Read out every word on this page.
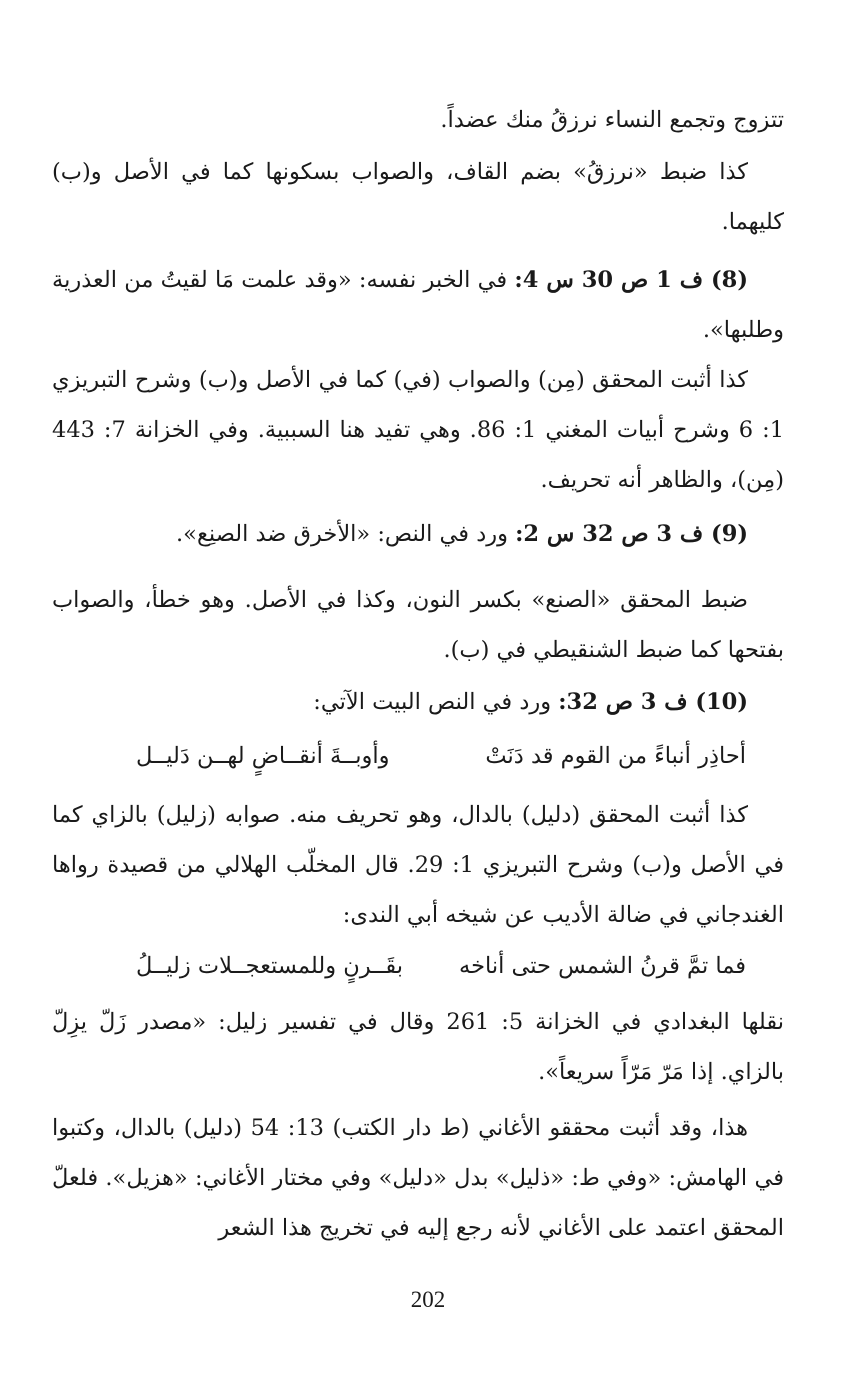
تتزوج وتجمع النساء نرزقُ منك عضداً.

كذا ضبط «نرزقُ» بضم القاف، والصواب بسكونها كما في الأصل و(ب) كليهما.

(8) ف 1 ص 30 س 4: في الخبر نفسه: «وقد علمت مَا لقيتُ من العذرية وطلبها».

كذا أثبت المحقق (مِن) والصواب (في) كما في الأصل و(ب) وشرح التبريزي 1: 6 وشرح أبيات المغني 1: 86. وهي تفيد هنا السببية. وفي الخزانة 7: 443 (مِن)، والظاهر أنه تحريف.

(9) ف 3 ص 32 س 2: ورد في النص: «الأخرق ضد الصنِع».

ضبط المحقق «الصنع» بكسر النون، وكذا في الأصل. وهو خطأ، والصواب بفتحها كما ضبط الشنقيطي في (ب).

(10) ف 3 ص 32: ورد في النص البيت الآتي:

أحاذِر أنباءً من القوم قد دَنَتْ
وأوبــةَ أنقــاضٍ لهــن دَليــل

كذا أثبت المحقق (دليل) بالدال، وهو تحريف منه. صوابه (زليل) بالزاي كما في الأصل و(ب) وشرح التبريزي 1: 29. قال المخلّب الهلالي من قصيدة رواها الغندجاني في ضالة الأديب عن شيخه أبي الندى:

فما تمَّ قرنُ الشمس حتى أناخه
بقَــرنٍ وللمستعجــلات زليــلُ

نقلها البغدادي في الخزانة 5: 261 وقال في تفسير زليل: «مصدر زَلّ يزِلّ بالزاي. إذا مَرّ مَرّاً سريعاً».

هذا، وقد أثبت محققو الأغاني (ط دار الكتب) 13: 54 (دليل) بالدال، وكتبوا في الهامش: «وفي ط: «ذليل» بدل «دليل» وفي مختار الأغاني: «هزيل». فلعلّ المحقق اعتمد على الأغاني لأنه رجع إليه في تخريج هذا الشعر

202
